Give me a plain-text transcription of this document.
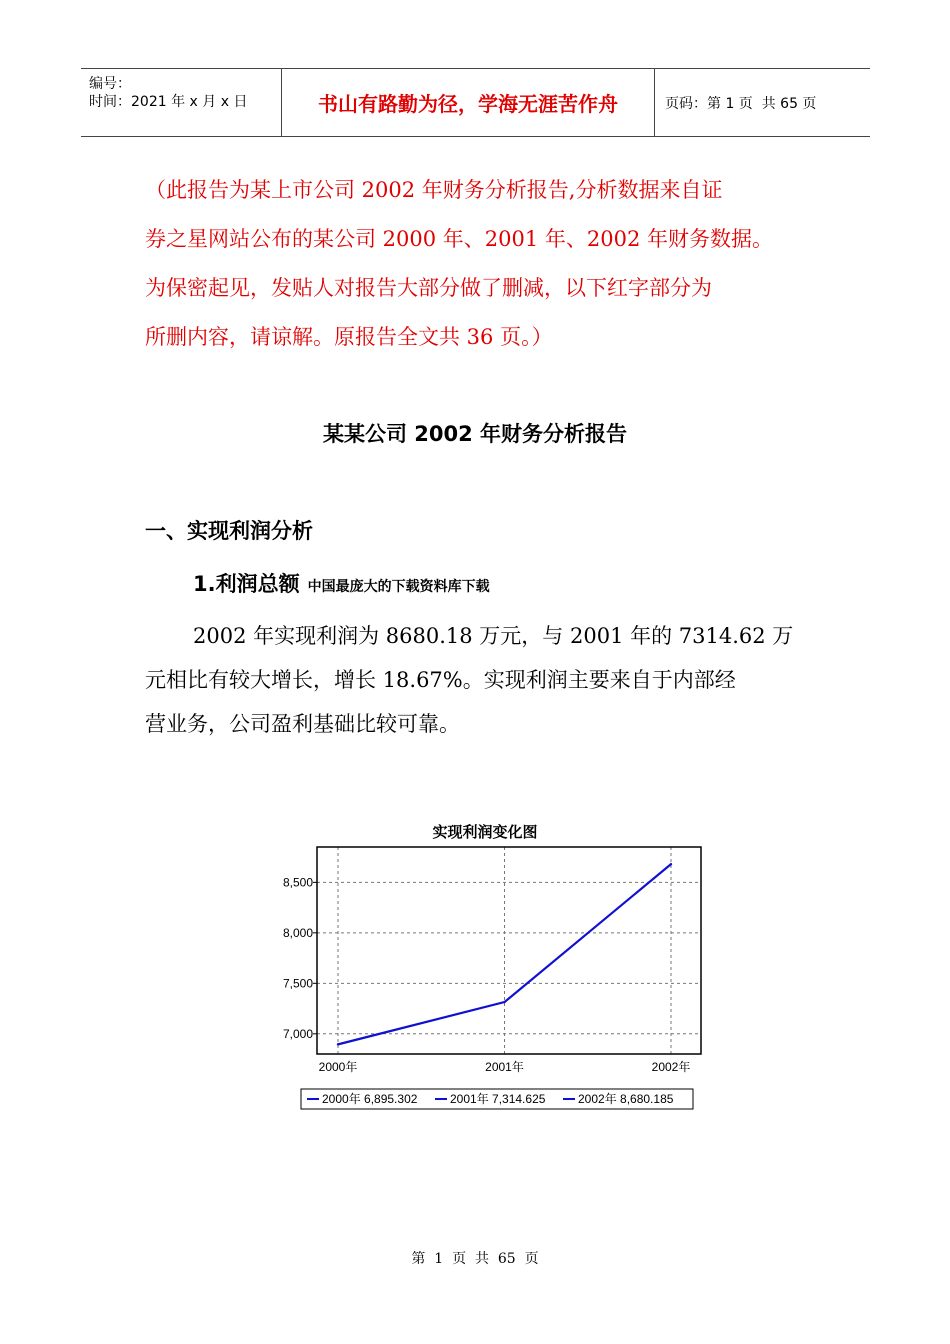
编号：
时间：2021 年 x 月 x 日	书山有路勤为径，学海无涯苦作舟	页码：第 1 页  共 65 页
（此报告为某上市公司 2002 年财务分析报告,分析数据来自证
券之星网站公布的某公司 2000 年、2001 年、2002 年财务数据。
为保密起见，发贴人对报告大部分做了删减，以下红字部分为
所删内容，请谅解。原报告全文共 36 页。）
某某公司 2002 年财务分析报告
一、实现利润分析
1.利润总额 中国最庞大的下载资料库下载
2002 年实现利润为 8680.18 万元，与 2001 年的 7314.62 万
元相比有较大增长，增长 18.67%。实现利润主要来自于内部经
营业务，公司盈利基础比较可靠。
实现利润变化图
7,000
7,500
8,000
8,500
2000年	2001年	2002年
2000年 6,895.302	2001年 7,314.625	2002年 8,680.185
第  1  页  共  65  页
